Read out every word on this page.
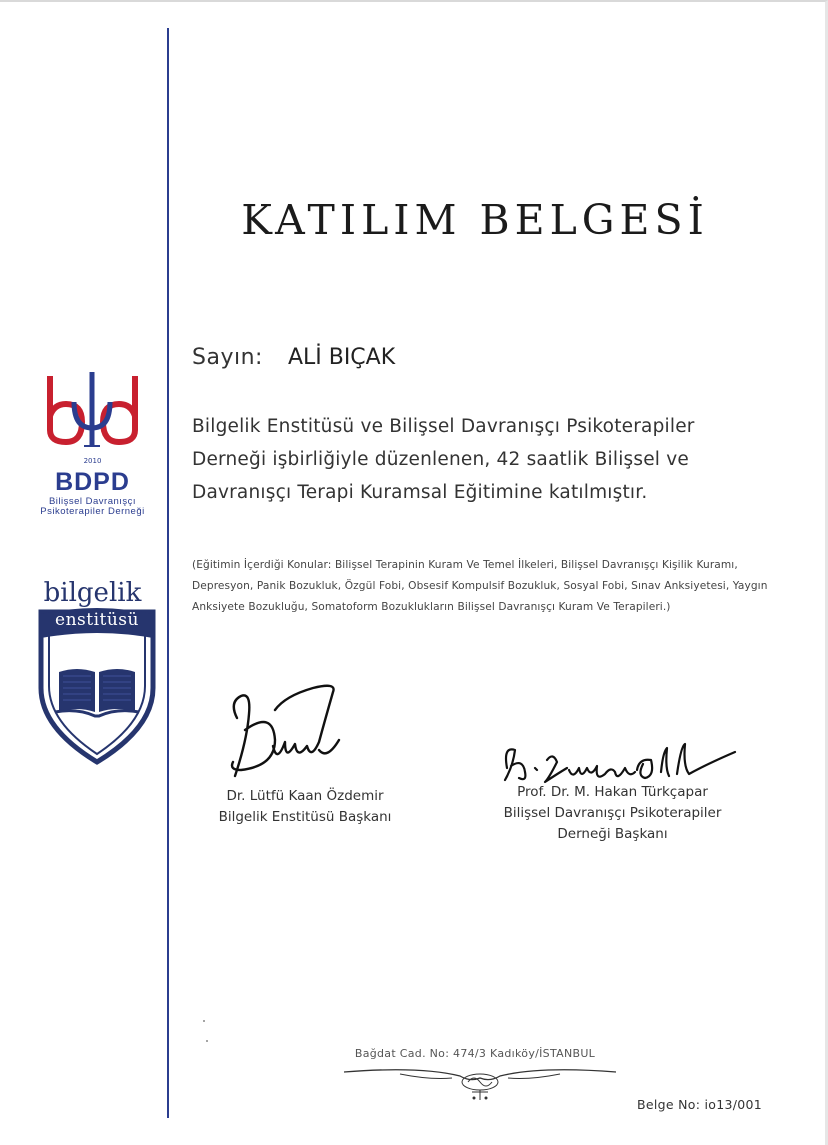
2010
BDPD
Bilişsel Davranışçı
Psikoterapiler Derneği
bilgelik
enstitüsü
KATILIM BELGESİ
Sayın: ALİ BIÇAK
Bilgelik Enstitüsü ve Bilişsel Davranışçı Psikoterapiler
Derneği işbirliğiyle düzenlenen, 42 saatlik Bilişsel ve
Davranışçı Terapi Kuramsal Eğitimine katılmıştır.
(Eğitimin İçerdiği Konular: Bilişsel Terapinin Kuram Ve Temel İlkeleri, Bilişsel Davranışçı Kişilik Kuramı, Depresyon, Panik Bozukluk, Özgül Fobi, Obsesif Kompulsif Bozukluk, Sosyal Fobi, Sınav Anksiyetesi, Yaygın Anksiyete Bozukluğu, Somatoform Bozuklukların Bilişsel Davranışçı Kuram Ve Terapileri.)
Dr. Lütfü Kaan Özdemir
Bilgelik Enstitüsü Başkanı
Prof. Dr. M. Hakan Türkçapar
Bilişsel Davranışçı Psikoterapiler
Derneği Başkanı
Bağdat Cad. No: 474/3 Kadıköy/İSTANBUL
Belge No: io13/001
